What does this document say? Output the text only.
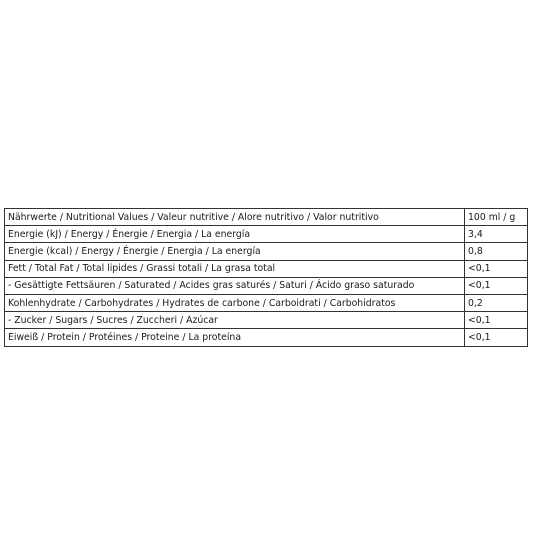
Nährwerte / Nutritional Values / Valeur nutritive / Alore nutritivo / Valor nutritivo	100 ml / g
Energie (kJ) / Energy / Énergie / Energia / La energía	3,4
Energie (kcal) / Energy / Énergie / Energia / La energía	0,8
Fett / Total Fat / Total lipides / Grassi totali / La grasa total	<0,1
- Gesättigte Fettsäuren / Saturated / Acides gras saturés / Saturi / Ácido graso saturado	<0,1
Kohlenhydrate / Carbohydrates / Hydrates de carbone / Carboidrati / Carbohidratos	0,2
- Zucker / Sugars / Sucres / Zuccheri / Azúcar	<0,1
Eiweiß / Protein / Protéines / Proteine / La proteína	<0,1
